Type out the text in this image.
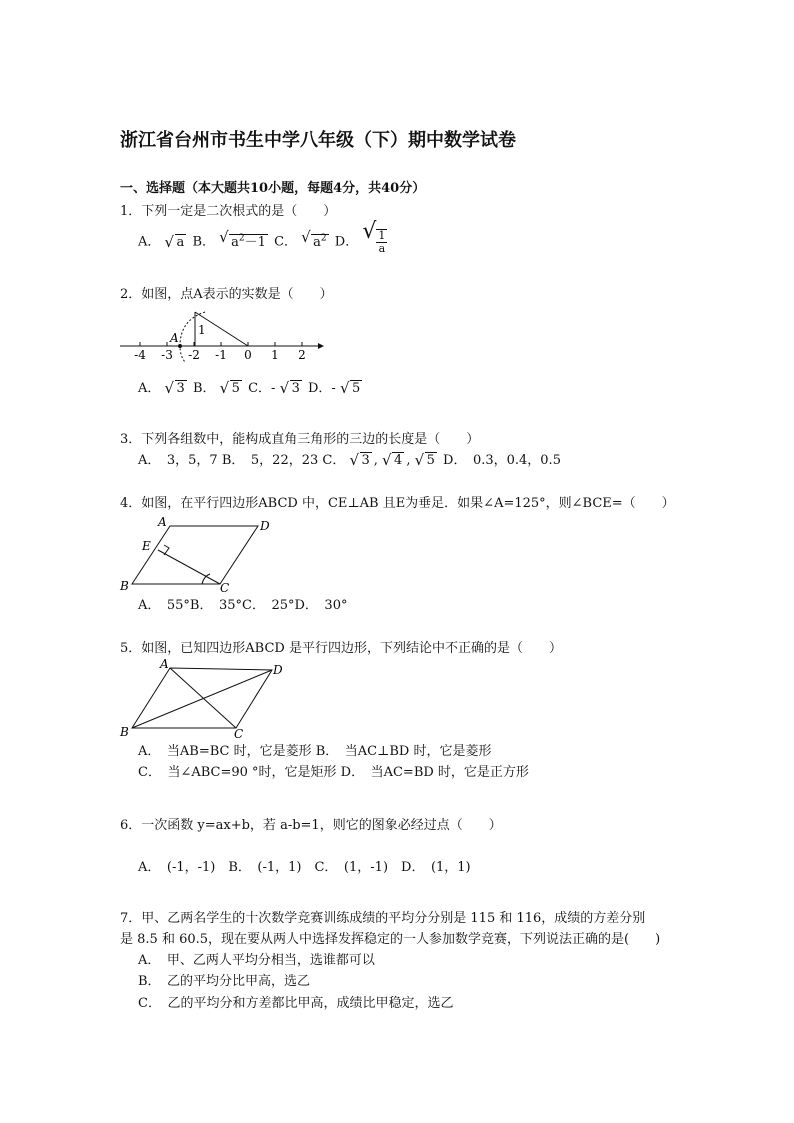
浙江省台州市书生中学八年级（下）期中数学试卷
一、选择题（本大题共10小题，每题4分，共40分）
1．下列一定是二次根式的是（　　）
A． √ a B． √ $a^2-1$ C． √ $a^2$ D． √ $\frac{1}{a}$
2．如图，点A表示的实数是（　　）
-4 -3 -2 -1 0 1 2
A
1
A． √ 3 B． √ 5 C．- √ 3 D．- √ 5
3．下列各组数中，能构成直角三角形的三边的长度是（　　）
A．　3，5，7 B．　5，22，23 C． √ 3 , √ 4 , √ 5 D．　0.3，0.4，0.5
4．如图，在平行四边形ABCD 中，CE⊥AB 且E为垂足．如果∠A=125°，则∠BCE=（　　）
A	D
B	C
E
A．　55°B．　35°C．　25°D．　30°
5．如图，已知四边形ABCD 是平行四边形，下列结论中不正确的是（　　）
A	D
B	C
A．　当AB=BC 时，它是菱形 B．　当AC⊥BD 时，它是菱形
C．　当∠ABC=90 °时，它是矩形 D．　当AC=BD 时，它是正方形
6．一次函数 y=ax+b，若 a-b=1，则它的图象必经过点（　　）
A．　(-1，-1)　B．　(-1，1)　C．　(1，-1)　D．　(1，1)
7．甲、乙两名学生的十次数学竞赛训练成绩的平均分分别是 115 和 116，成绩的方差分别
是 8.5 和 60.5，现在要从两人中选择发挥稳定的一人参加数学竞赛，下列说法正确的是(　　)
A．　甲、乙两人平均分相当，选谁都可以
B．　乙的平均分比甲高，选乙
C．　乙的平均分和方差都比甲高，成绩比甲稳定，选乙
